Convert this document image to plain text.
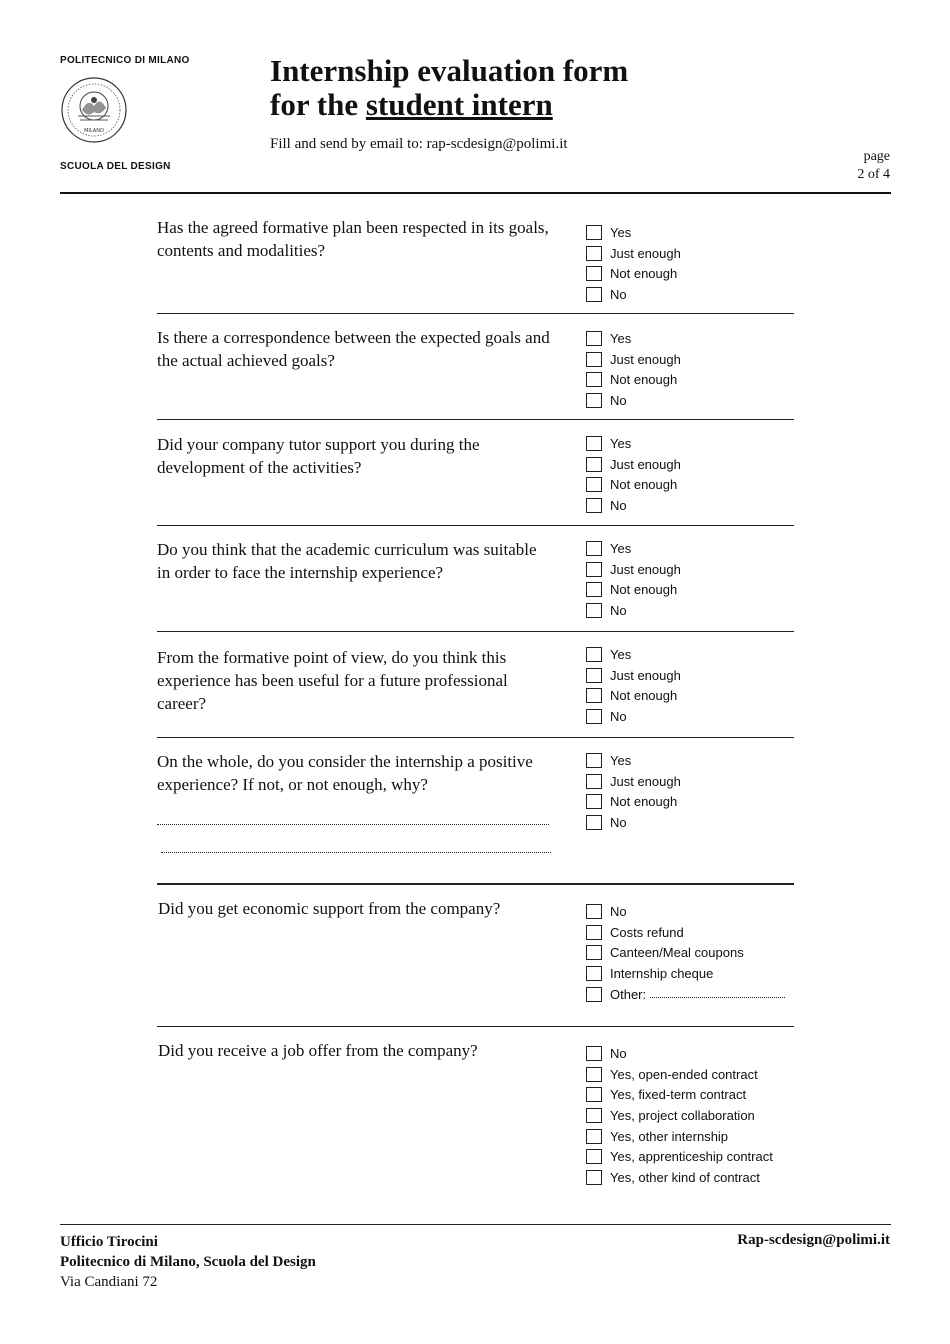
POLITECNICO DI MILANO
MILANO
SCUOLA DEL DESIGN
Internship evaluation form
for the student intern
Fill and send by email to: rap-scdesign@polimi.it
page
2 of 4
Has the agreed formative plan been respected in its goals, contents and modalities?
Yes
Just enough
Not enough
No
Is there a correspondence between the expected goals and the actual achieved goals?
Yes
Just enough
Not enough
No
Did your company tutor support you during the development of the activities?
Yes
Just enough
Not enough
No
Do you think that the academic curriculum was suitable in order to face the internship experience?
Yes
Just enough
Not enough
No
From the formative point of view, do you think this experience has been useful for a future professional career?
Yes
Just enough
Not enough
No
On the whole, do you consider the internship a positive experience? If not, or not enough, why?
Yes
Just enough
Not enough
No
Did you get economic support from the company?	No
Costs refund
Canteen/Meal coupons
Internship cheque
Other:
Did you receive a job offer from the company?	No
Yes, open-ended contract
Yes, fixed-term contract
Yes, project collaboration
Yes, other internship
Yes, apprenticeship contract
Yes, other kind of contract
Ufficio Tirocini
Politecnico di Milano, Scuola del Design
Via Candiani 72
Rap-scdesign@polimi.it
